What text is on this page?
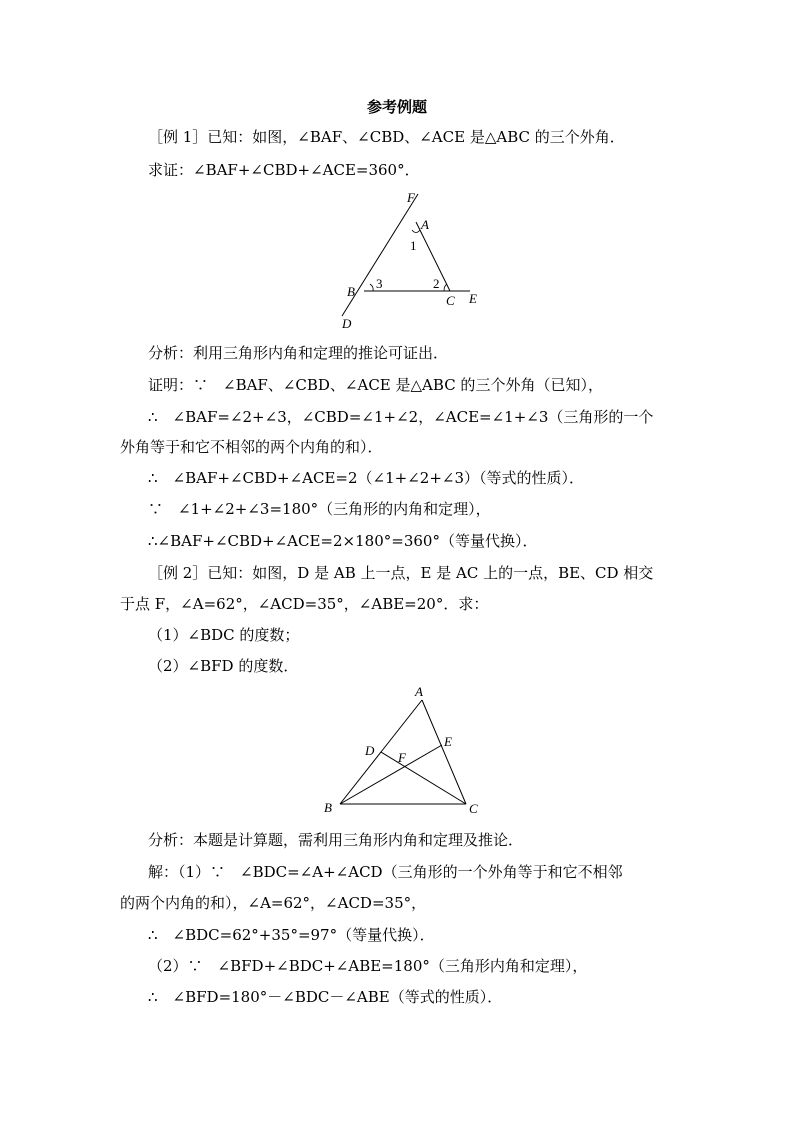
参考例题
［例 1］已知：如图，∠BAF、∠CBD、∠ACE 是△ABC 的三个外角．
求证：∠BAF+∠CBD+∠ACE=360°．
分析：利用三角形内角和定理的推论可证出．
证明：∵　∠BAF、∠CBD、∠ACE 是△ABC 的三个外角（已知），
∴　∠BAF=∠2+∠3，∠CBD=∠1+∠2，∠ACE=∠1+∠3（三角形的一个
外角等于和它不相邻的两个内角的和）．
∴　∠BAF+∠CBD+∠ACE=2（∠1+∠2+∠3）（等式的性质）．
∵　∠1+∠2+∠3=180°（三角形的内角和定理），
∴∠BAF+∠CBD+∠ACE=2×180°=360°（等量代换）．
［例 2］已知：如图，D 是 AB 上一点，E 是 AC 上的一点，BE、CD 相交
于点 F，∠A=62°，∠ACD=35°，∠ABE=20°．求：
（1）∠BDC 的度数；
（2）∠BFD 的度数．
分析：本题是计算题，需利用三角形内角和定理及推论．
解：（1）∵　∠BDC=∠A+∠ACD（三角形的一个外角等于和它不相邻
的两个内角的和），∠A=62°，∠ACD=35°，
∴　∠BDC=62°+35°=97°（等量代换）．
（2）∵　∠BFD+∠BDC+∠ABE=180°（三角形内角和定理），
∴　∠BFD=180°－∠BDC－∠ABE（等式的性质）．
F
A
1
B
3	2
C E
D
A
D
E
F
B	C
